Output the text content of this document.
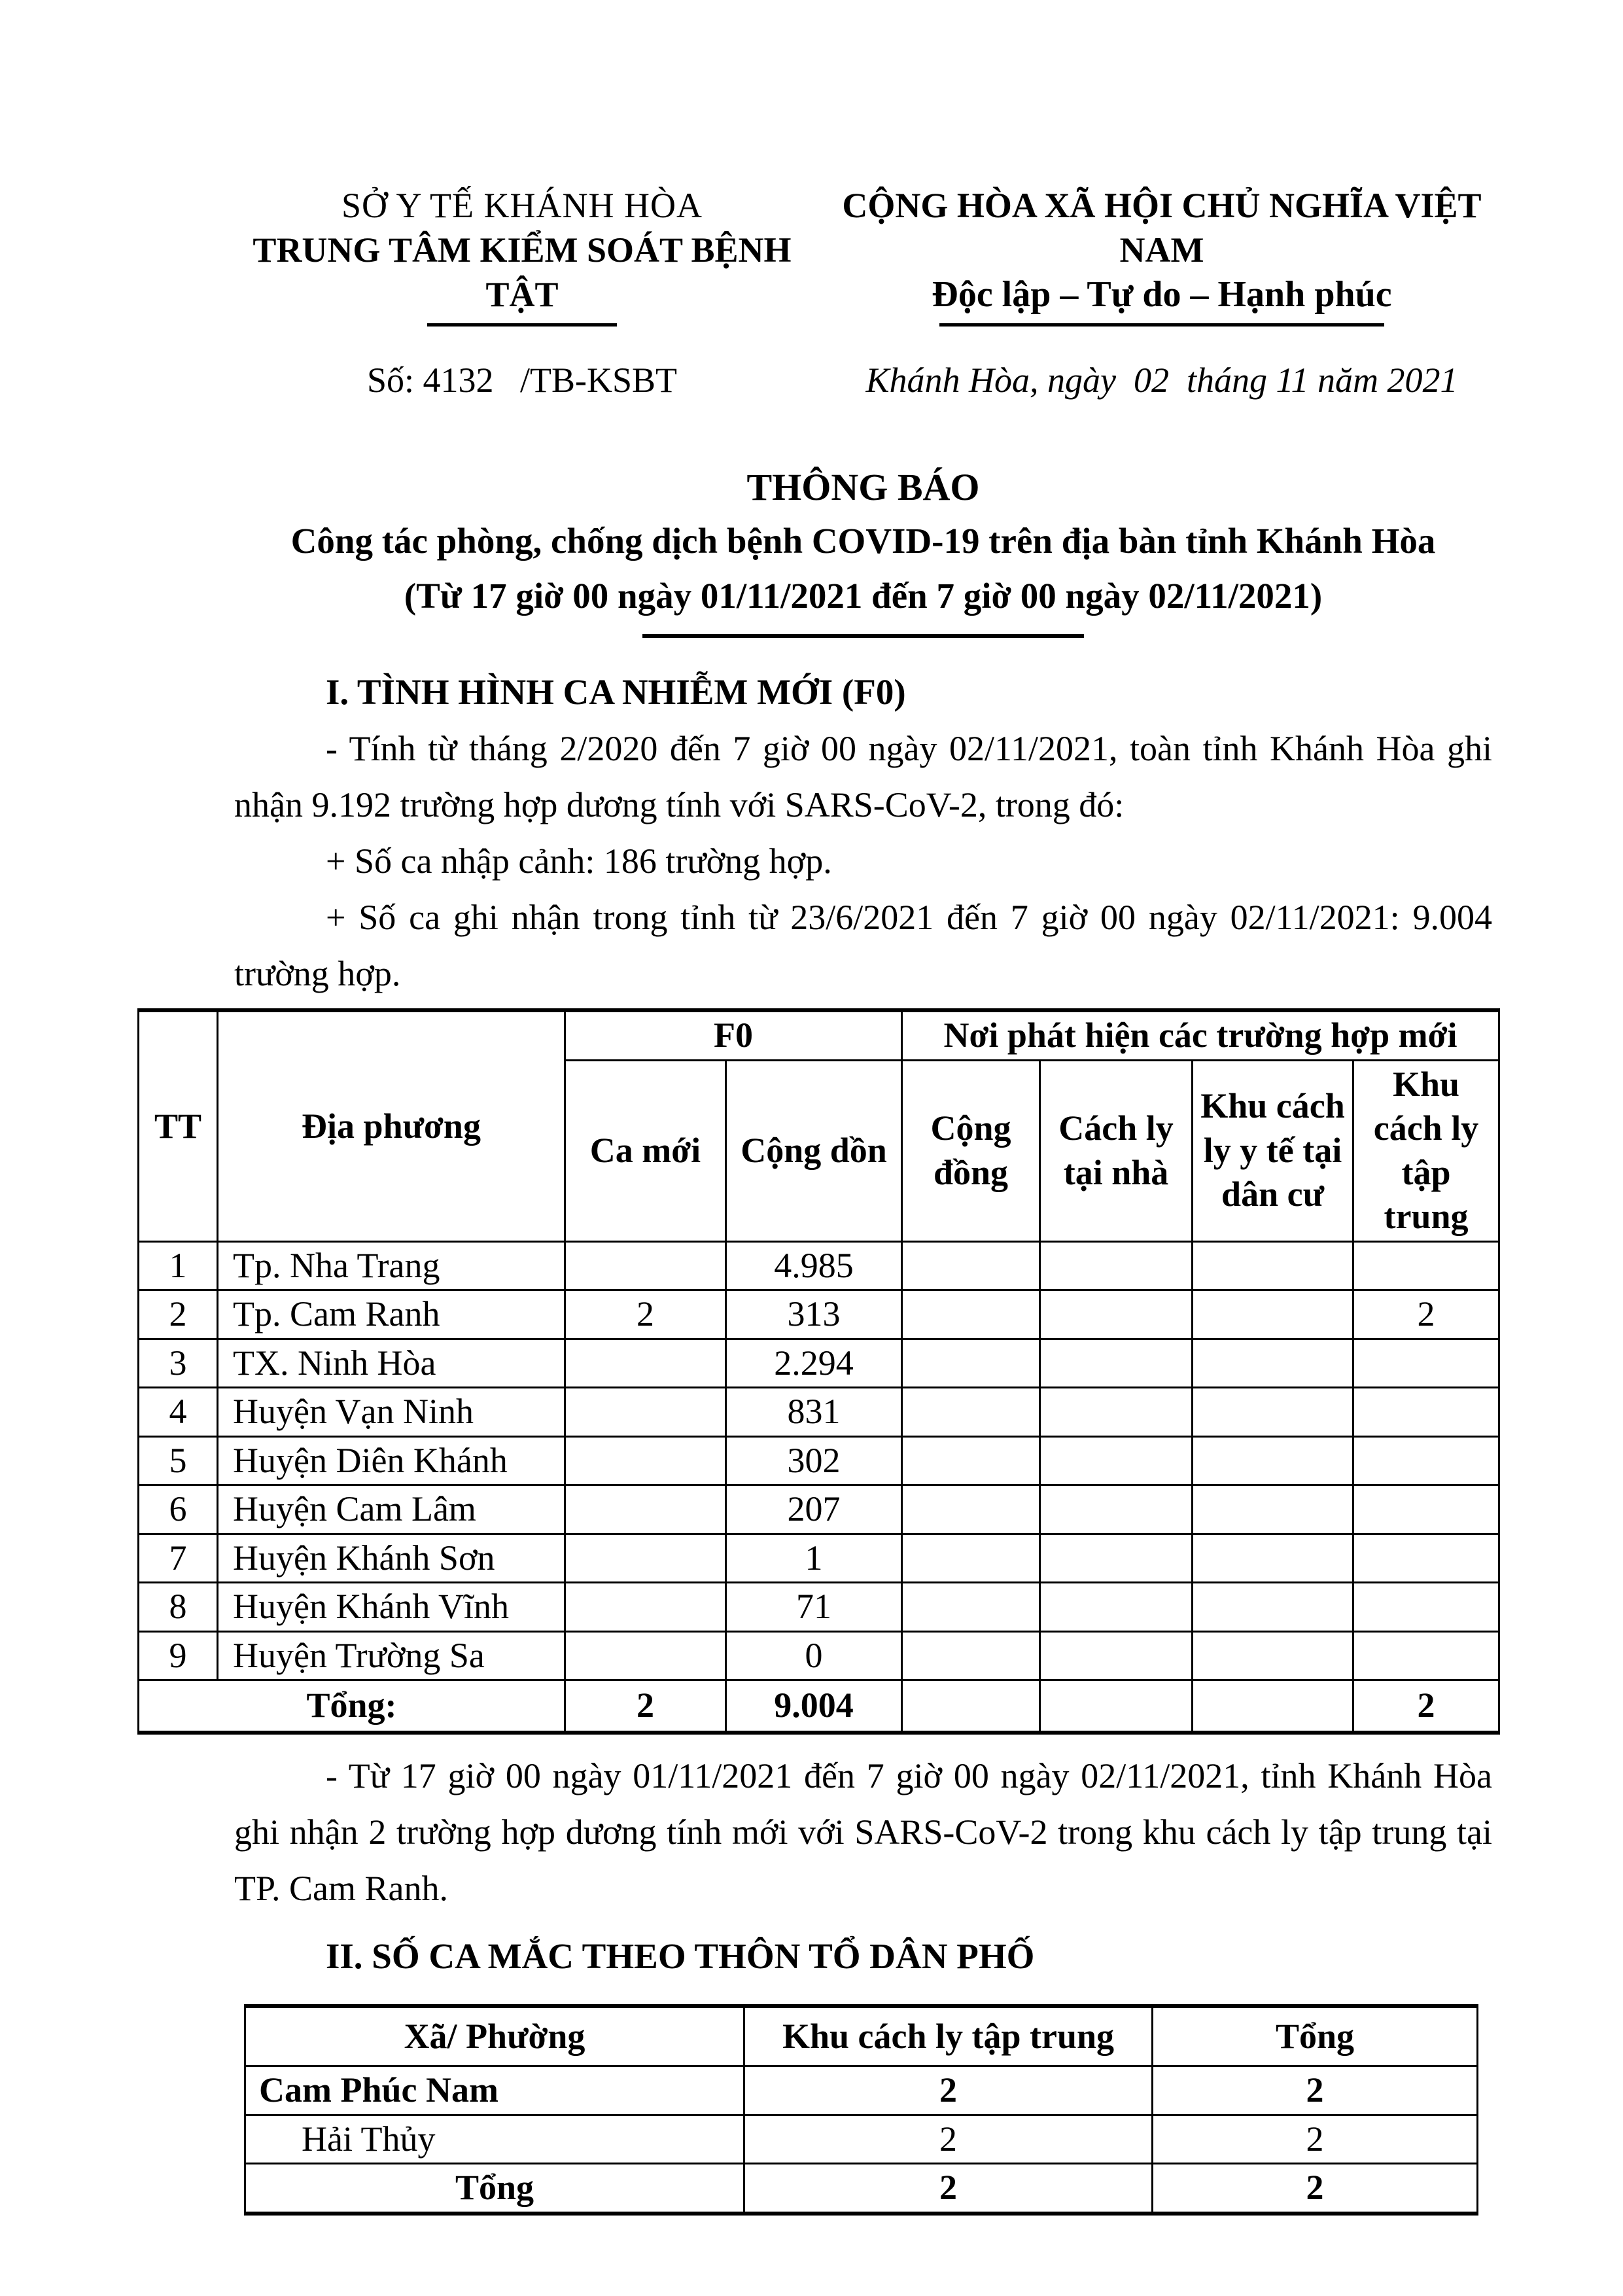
SỞ Y TẾ KHÁNH HÒA
TRUNG TÂM KIỂM SOÁT BỆNH TẬT
Số: 4132   /TB-KSBT
CỘNG HÒA XÃ HỘI CHỦ NGHĨA VIỆT NAM
Độc lập – Tự do – Hạnh phúc
Khánh Hòa, ngày  02  tháng 11 năm 2021
THÔNG BÁO
Công tác phòng, chống dịch bệnh COVID-19 trên địa bàn tỉnh Khánh Hòa
(Từ 17 giờ 00 ngày 01/11/2021 đến 7 giờ 00 ngày 02/11/2021)
I. TÌNH HÌNH CA NHIỄM MỚI (F0)
- Tính từ tháng 2/2020 đến 7 giờ 00 ngày 02/11/2021, toàn tỉnh Khánh Hòa ghi nhận 9.192 trường hợp dương tính với SARS-CoV-2, trong đó:
+ Số ca nhập cảnh: 186 trường hợp.
+ Số ca ghi nhận trong tỉnh từ 23/6/2021 đến 7 giờ 00 ngày 02/11/2021: 9.004 trường hợp.
TT	Địa phương	F0		Nơi phát hiện các trường hợp mới			
		Ca mới	Cộng dồn	Cộng đồng	Cách ly tại nhà	Khu cách ly y tế tại dân cư	Khu cách ly tập trung
1	Tp. Nha Trang		4.985				
2	Tp. Cam Ranh	2	313				2
3	TX. Ninh Hòa		2.294				
4	Huyện Vạn Ninh		831				
5	Huyện Diên Khánh		302				
6	Huyện Cam Lâm		207				
7	Huyện Khánh Sơn		1				
8	Huyện Khánh Vĩnh		71				
9	Huyện Trường Sa		0				
Tổng:		2	9.004				2
- Từ 17 giờ 00 ngày 01/11/2021 đến 7 giờ 00 ngày 02/11/2021, tỉnh Khánh Hòa ghi nhận 2 trường hợp dương tính mới với SARS-CoV-2 trong khu cách ly tập trung tại TP. Cam Ranh.
II. SỐ CA MẮC THEO THÔN TỔ DÂN PHỐ
Xã/ Phường	Khu cách ly tập trung	Tổng
Cam Phúc Nam	2	2
Hải Thủy	2	2
Tổng	2	2
